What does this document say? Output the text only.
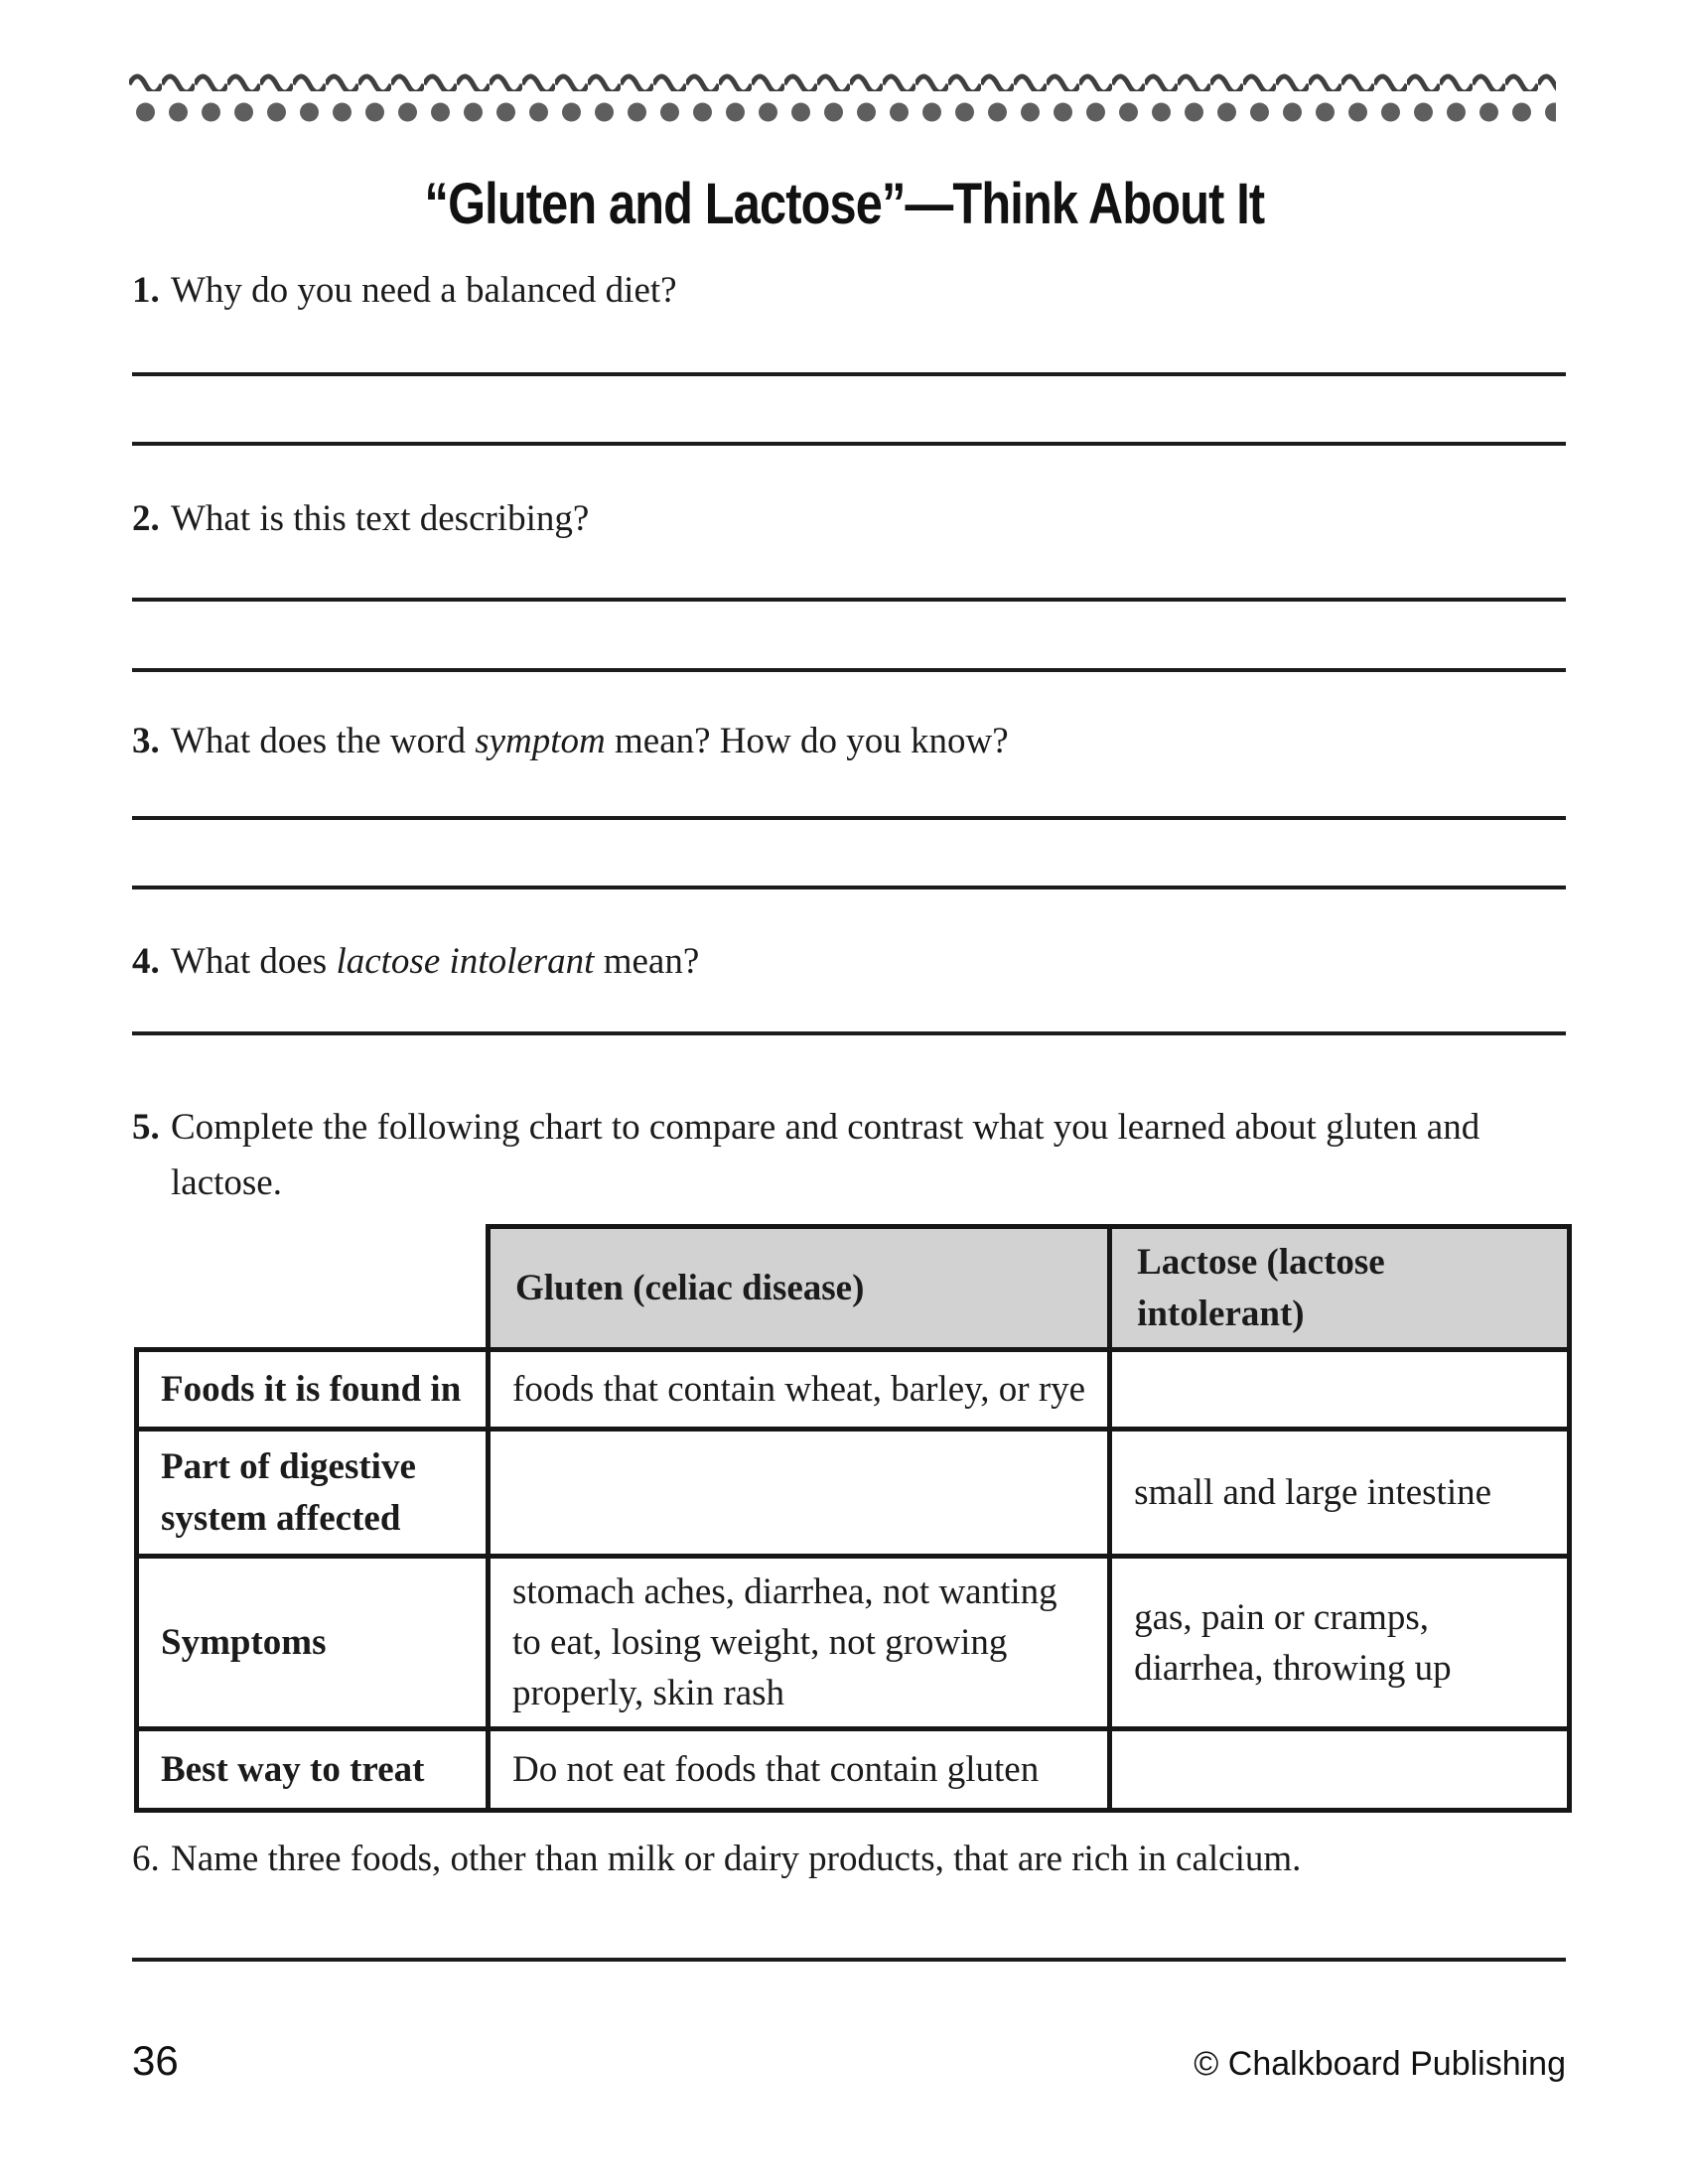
“Gluten and Lactose”—Think About It
1. Why do you need a balanced diet?
2. What is this text describing?
3. What does the word symptom mean? How do you know?
4. What does lactose intolerant mean?
5. Complete the following chart to compare and contrast what you learned about gluten and
lactose.
	Gluten (celiac disease)	Lactose (lactose intolerant)
Foods it is found in	foods that contain wheat, barley, or rye	
Part of digestive system affected		small and large intestine
Symptoms	stomach aches, diarrhea, not wanting to eat, losing weight, not growing properly, skin rash	gas, pain or cramps, diarrhea, throwing up
Best way to treat	Do not eat foods that contain gluten	
6. Name three foods, other than milk or dairy products, that are rich in calcium.
36	© Chalkboard Publishing
